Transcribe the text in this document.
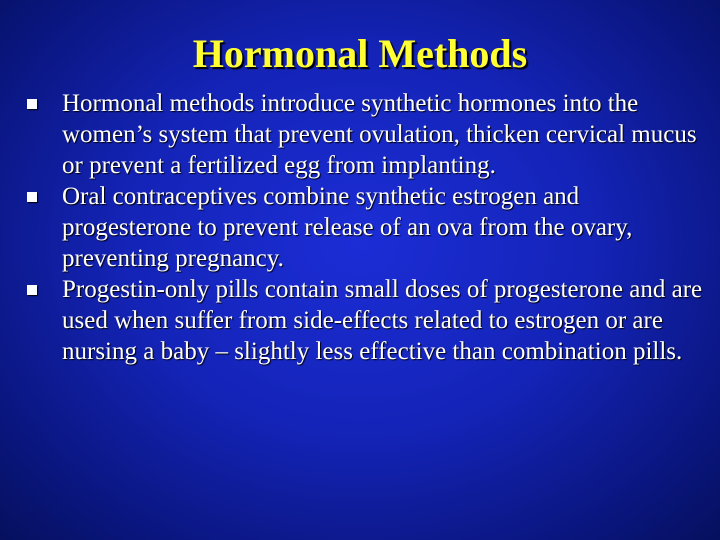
Hormonal Methods
Hormonal methods introduce synthetic hormones into the women’s system that prevent ovulation, thicken cervical mucus or prevent a fertilized egg from implanting.
Oral contraceptives combine synthetic estrogen and progesterone to prevent release of an ova from the ovary, preventing pregnancy.
Progestin-only pills contain small doses of progesterone and are used when suffer from side-effects related to estrogen or are nursing a baby – slightly less effective than combination pills.
